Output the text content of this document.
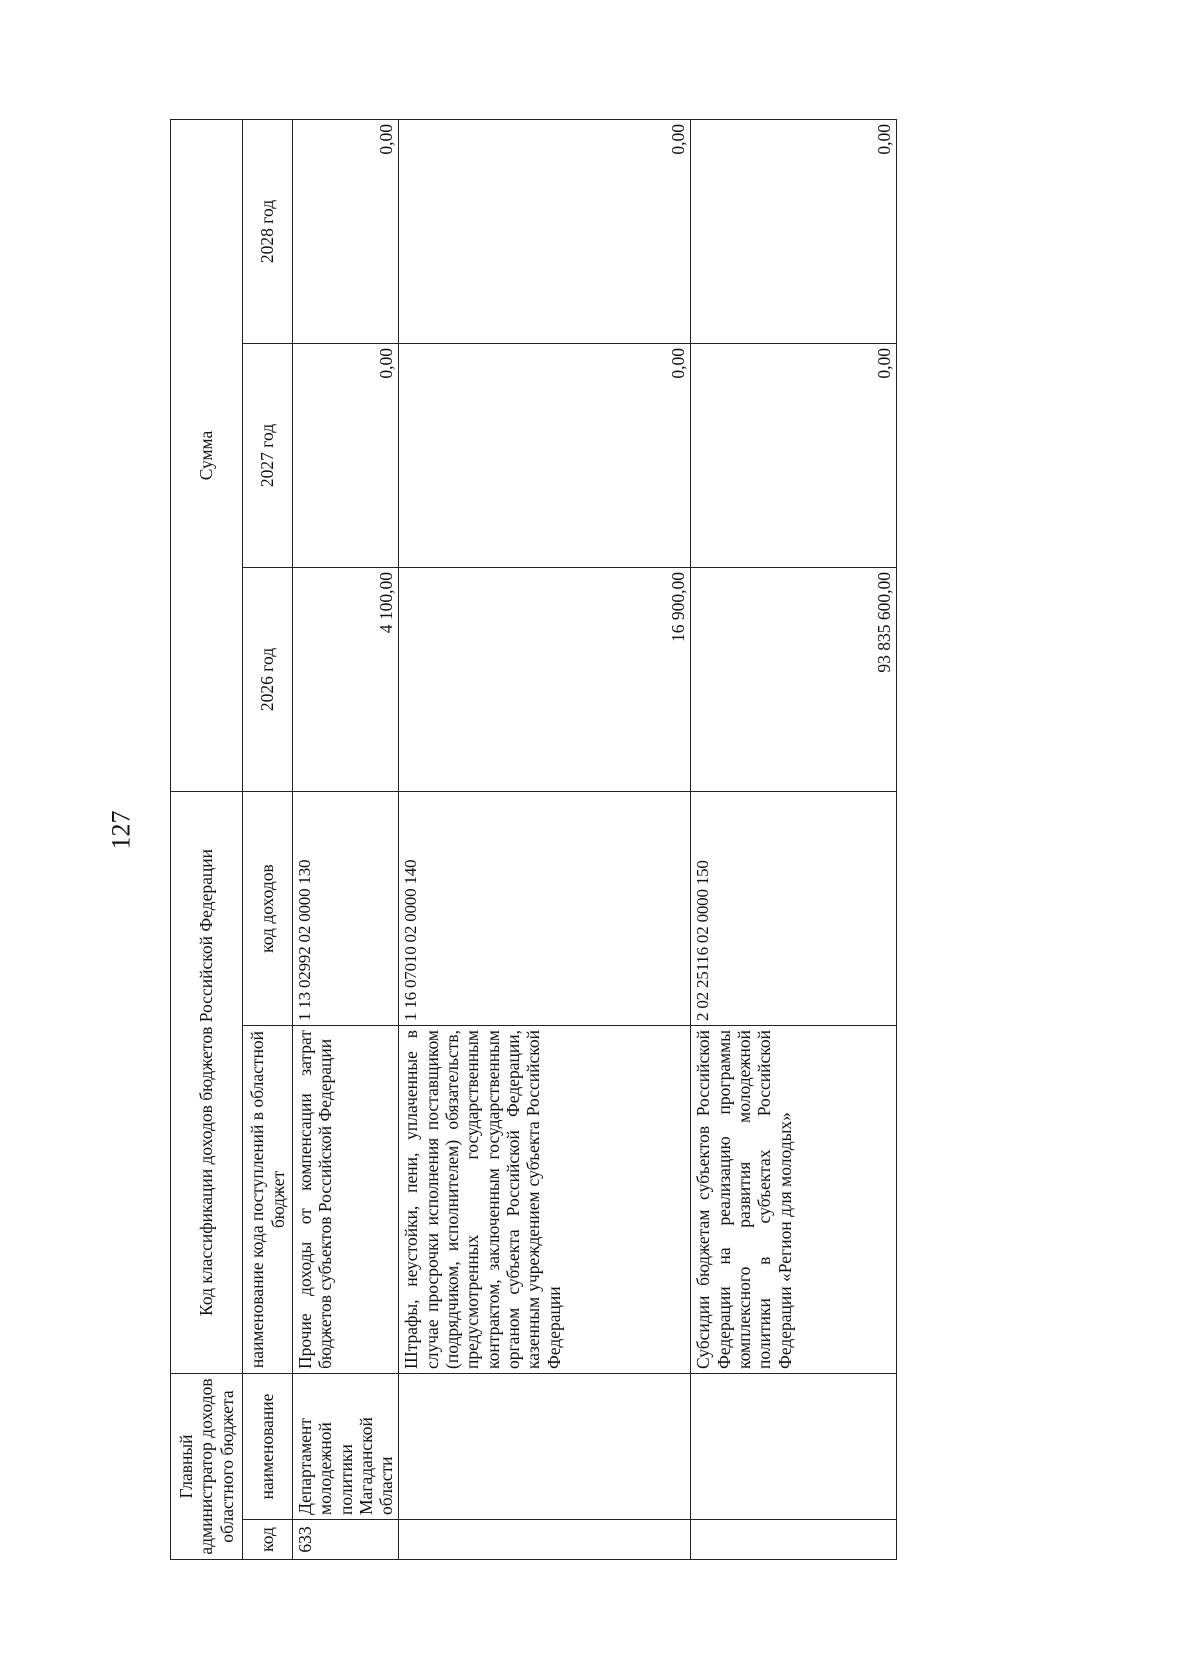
127
Главный администратор доходов областного бюджета		Код классификации доходов бюджетов Российской Федерации		Сумма		
код	наименование	наименование кода поступлений в областной бюджет	код доходов	2026 год	2027 год	2028 год
633	Департамент молодежной политики Магаданской области	Прочие доходы от компенсации затрат бюджетов субъектов Российской Федерации	1 13 02992 02 0000 130	4 100,00	0,00	0,00
		Штрафы, неустойки, пени, уплаченные в случае просрочки исполнения поставщиком (подрядчиком, исполнителем) обязательств, предусмотренных государственным контрактом, заключенным государственным органом субъекта Российской Федерации, казенным учреждением субъекта Российской Федерации	1 16 07010 02 0000 140	16 900,00	0,00	0,00
		Субсидии бюджетам субъектов Российской Федерации на реализацию программы комплексного развития молодежной политики в субъектах Российской Федерации «Регион для молодых»	2 02 25116 02 0000 150	93 835 600,00	0,00	0,00
